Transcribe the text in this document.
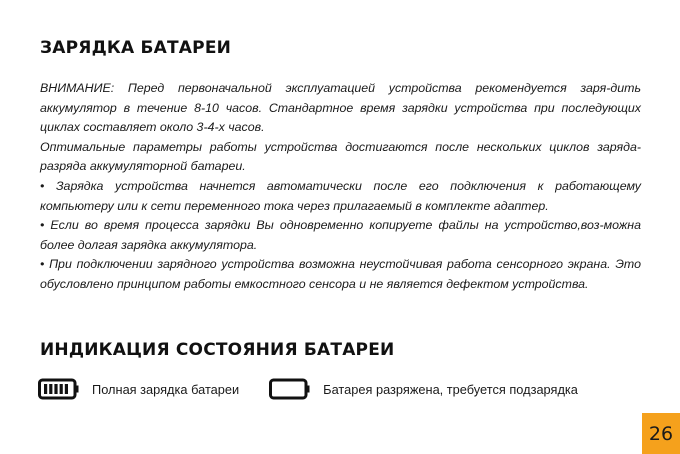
ЗАРЯДКА БАТАРЕИ

ВНИМАНИЕ: Перед первоначальной эксплуатацией устройства рекомендуется заря-дить аккумулятор в течение 8-10 часов. Стандартное время зарядки устройства при последующих циклах составляет около 3-4-х часов.

Оптимальные параметры работы устройства достигаются после нескольких циклов заряда-разряда аккумуляторной батареи.

• Зарядка устройства начнется автоматически после его подключения к работающему компьютеру или к сети переменного тока через прилагаемый в комплекте адаптер.

• Если во время процесса зарядки Вы одновременно копируете файлы на устройство,воз-можна более долгая зарядка аккумулятора.

• При подключении зарядного устройства возможна неустойчивая работа сенсорного экрана. Это обусловлено принципом работы емкостного сенсора и не является дефектом устройства.

ИНДИКАЦИЯ СОСТОЯНИЯ БАТАРЕИ
Полная зарядка батареи	Батарея разряжена, требуется подзарядка
26
